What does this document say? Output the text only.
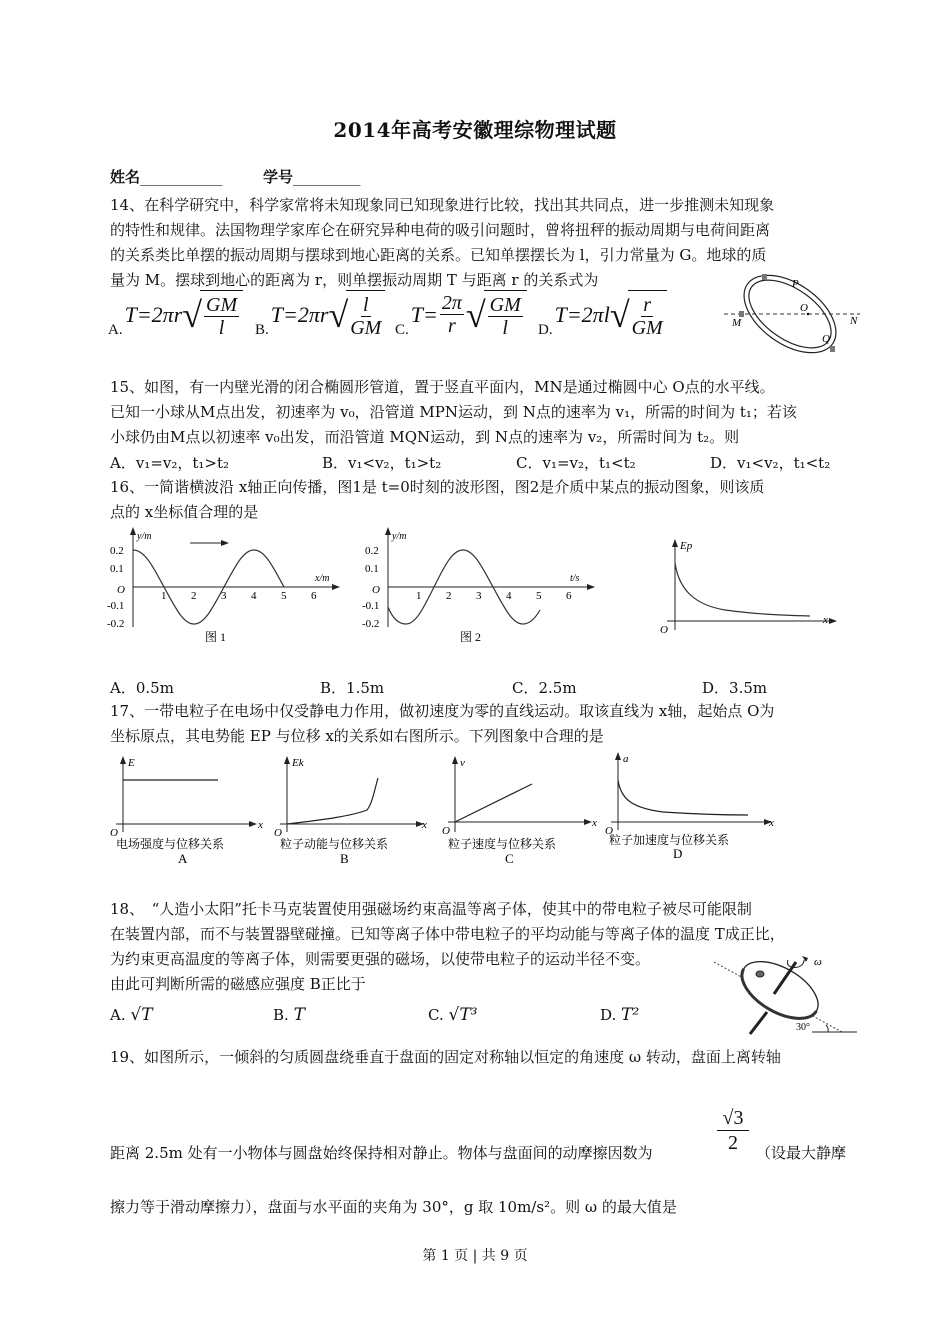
2014年高考安徽理综物理试题
姓名___________	学号_________
14、在科学研究中，科学家常将未知现象同已知现象进行比较，找出其共同点，进一步推测未知现象
的特性和规律。法国物理学家库仑在研究异种电荷的吸引问题时，曾将扭秤的振动周期与电荷间距离
的关系类比单摆的振动周期与摆球到地心距离的关系。已知单摆摆长为 l，引力常量为 G。地球的质
量为 M。摆球到地心的距离为 r，则单摆振动周期 T 与距离 r 的关系式为
A.
T=2πr √ $\frac{GM}{l} B$.
T=2πr √ $\frac{l}{GM} C$.
$T= \frac{2\pi}{r}$ √ $\frac{GM}{l} D$.
T=2πl √ $\frac{r}{GM}$
P
O
M	N
Q
15、如图，有一内壁光滑的闭合椭圆形管道，置于竖直平面内，MN是通过椭圆中心 O点的水平线。
已知一小球从M点出发，初速率为 v₀，沿管道 MPN运动，到 N点的速率为 v₁，所需的时间为 t₁；若该
小球仍由M点以初速率 v₀出发，而沿管道 MQN运动，到 N点的速率为 v₂，所需时间为 t₂。则
A．v₁=v₂，t₁>t₂	B．v₁<v₂，t₁>t₂	C．v₁=v₂，t₁<t₂	D．v₁<v₂，t₁<t₂
16、一简谐横波沿 x轴正向传播，图1是 t=0时刻的波形图，图2是介质中某点的振动图象，则该质
点的 x坐标值合理的是
y/m
x/m
0.2
0.1
O
-0.1
-0.2
1 2 3 4 5 6
图 1
y/m
t/s
0.2
0.1
O
-0.1
-0.2
1 2 3 4 5 6
图 2
Ep
x
O
A．0.5m	B．1.5m	C．2.5m	D．3.5m
17、一带电粒子在电场中仅受静电力作用，做初速度为零的直线运动。取该直线为 x轴，起始点 O为
坐标原点，其电势能 EP 与位移 x的关系如右图所示。下列图象中合理的是
E
x
O
电场强度与位移关系
A
Ek
x
O
粒子动能与位移关系
B
v
x
O
粒子速度与位移关系
C
a
x
O
粒子加速度与位移关系
D
18、　“人造小太阳”托卡马克装置使用强磁场约束高温等离子体，使其中的带电粒子被尽可能限制
在装置内部，而不与装置器壁碰撞。已知等离子体中带电粒子的平均动能与等离子体的温度 T成正比，
为约束更高温度的等离子体，则需要更强的磁场，以使带电粒子的运动半径不变。
由此可判断所需的磁感应强度 B正比于
A. √T	B. T	C. √T³	D. T²
ω
30°
19、如图所示，一倾斜的匀质圆盘绕垂直于盘面的固定对称轴以恒定的角速度 ω 转动，盘面上离转轴
距离 2.5m 处有一小物体与圆盘始终保持相对静止。物体与盘面间的动摩擦因数为	$\frac{√3}{2}$ （设最大静摩
擦力等于滑动摩擦力），盘面与水平面的夹角为 30°，g 取 10m/s²。则 ω 的最大值是
第 1 页 | 共 9 页
